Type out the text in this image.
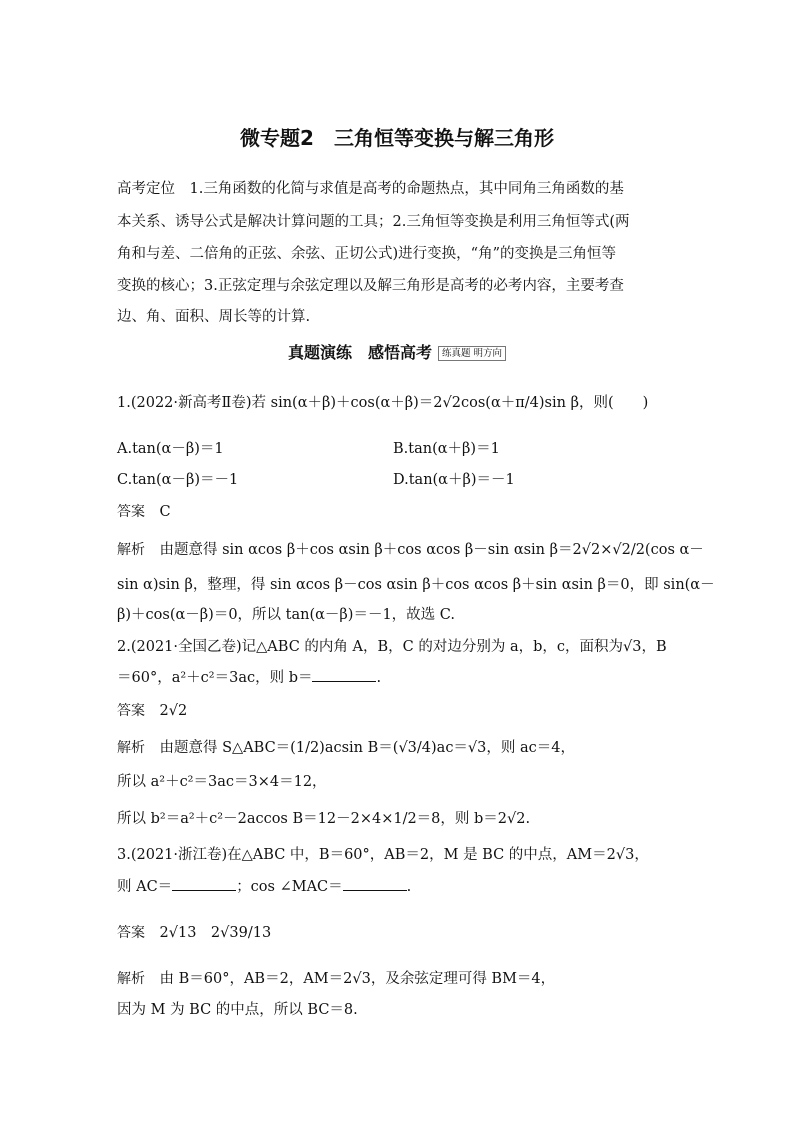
微专题2　三角恒等变换与解三角形
高考定位　1.三角函数的化简与求值是高考的命题热点，其中同角三角函数的基
本关系、诱导公式是解决计算问题的工具；2.三角恒等变换是利用三角恒等式(两
角和与差、二倍角的正弦、余弦、正切公式)进行变换，“角”的变换是三角恒等
变换的核心；3.正弦定理与余弦定理以及解三角形是高考的必考内容，主要考查
边、角、面积、周长等的计算.
真题演练　感悟高考 练真题 明方向
1.(2022·新高考Ⅱ卷)若 sin(α＋β)＋cos(α＋β)＝2√2cos(α＋π/4)sin β，则(　　)
A.tan(α－β)＝1	B.tan(α＋β)＝1
C.tan(α－β)＝－1	D.tan(α＋β)＝－1
答案　 C
解析　 由题意得 sin αcos β＋cos αsin β＋cos αcos β－sin αsin β＝2√2×√2/2(cos α－
sin α)sin β，整理，得 sin αcos β－cos αsin β＋cos αcos β＋sin αsin β＝0，即 sin(α－
β)＋cos(α－β)＝0，所以 tan(α－β)＝－1，故选 C.
2.(2021·全国乙卷)记△ABC 的内角 A，B，C 的对边分别为 a，b，c，面积为√3，B
＝60°，a²＋c²＝3ac，则 b＝	.
答案　 2√2
解析　 由题意得 S△ABC＝(1/2)acsin B＝(√3/4)ac＝√3，则 ac＝4，
所以 a²＋c²＝3ac＝3×4＝12，
所以 b²＝a²＋c²－2accos B＝12－2×4×1/2＝8，则 b＝2√2.
3.(2021·浙江卷)在△ABC 中，B＝60°，AB＝2，M 是 BC 的中点，AM＝2√3，
则 AC＝	；cos ∠MAC＝	.
答案　 2√13　2√39/13
解析　 由 B＝60°，AB＝2，AM＝2√3，及余弦定理可得 BM＝4，
因为 M 为 BC 的中点，所以 BC＝8.
